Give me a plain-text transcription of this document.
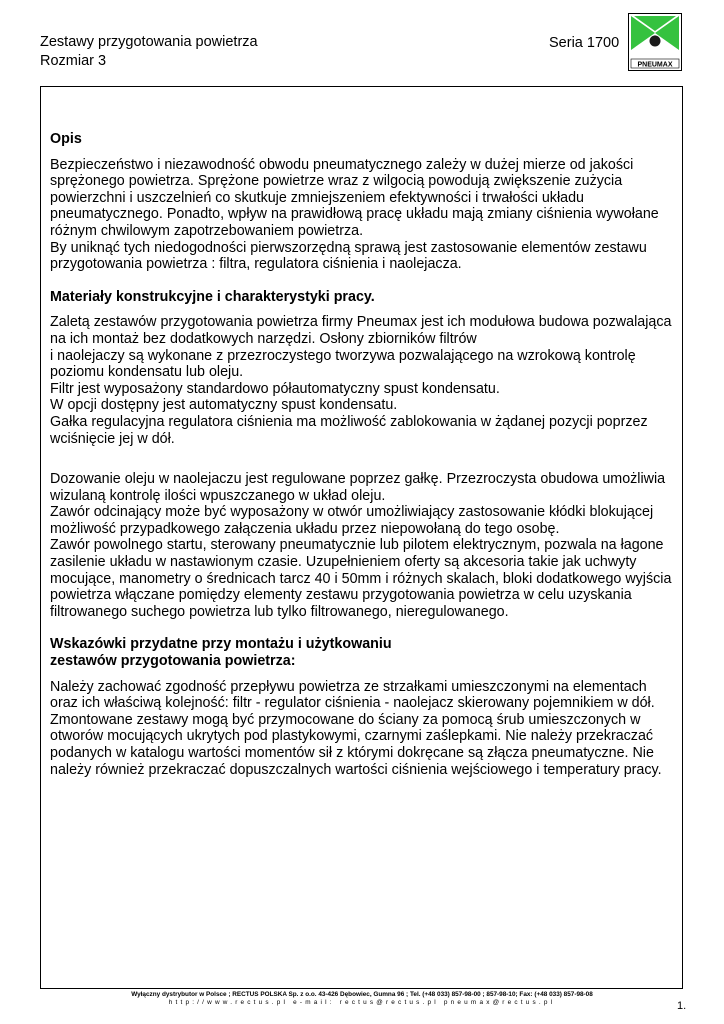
Zestawy przygotowania powietrza
Rozmiar 3
Seria 1700
PNEUMAX

Opis

Bezpieczeństwo i niezawodność obwodu pneumatycznego zależy w dużej mierze od jakości sprężonego powietrza. Sprężone powietrze wraz z wilgocią powodują zwiększenie zużycia powierzchni i uszczelnień co skutkuje zmniejszeniem efektywności i trwałości układu pneumatycznego. Ponadto, wpływ na prawidłową pracę układu mają zmiany ciśnienia wywołane różnym chwilowym zapotrzebowaniem powietrza.

By uniknąć tych niedogodności pierwszorzędną sprawą jest zastosowanie elementów zestawu przygotowania powietrza : filtra, regulatora ciśnienia i naolejacza.

Materiały konstrukcyjne i charakterystyki pracy.

Zaletą zestawów przygotowania powietrza firmy Pneumax jest ich modułowa budowa pozwalająca na ich montaż bez dodatkowych narzędzi. Osłony zbiorników filtrów

i naolejaczy są wykonane z przezroczystego tworzywa pozwalającego na wzrokową kontrolę poziomu kondensatu lub oleju.

Filtr jest wyposażony standardowo półautomatyczny spust kondensatu.

W opcji dostępny jest automatyczny spust kondensatu.

Gałka regulacyjna regulatora ciśnienia ma możliwość zablokowania w żądanej pozycji poprzez wciśnięcie jej w dół.

Dozowanie oleju w naolejaczu jest regulowane poprzez gałkę. Przezroczysta obudowa umożliwia wizulaną kontrolę ilości wpuszczanego w układ oleju.

Zawór odcinający może być wyposażony w otwór umożliwiający zastosowanie kłódki blokującej możliwość przypadkowego załączenia układu przez niepowołaną do tego osobę.

Zawór powolnego startu, sterowany pneumatycznie lub pilotem elektrycznym, pozwala na łagone zasilenie układu w nastawionym czasie. Uzupełnieniem oferty są akcesoria takie jak uchwyty mocujące, manometry o średnicach tarcz 40 i 50mm i różnych skalach, bloki dodatkowego wyjścia powietrza włączane pomiędzy elementy zestawu przygotowania powietrza w celu uzyskania filtrowanego suchego powietrza lub tylko filtrowanego, nieregulowanego.

Wskazówki przydatne przy montażu i użytkowaniu

zestawów przygotowania powietrza:

Należy zachować zgodność przepływu powietrza ze strzałkami umieszczonymi na elementach oraz ich właściwą kolejność: filtr - regulator ciśnienia - naolejacz skierowany pojemnikiem w dół. Zmontowane zestawy mogą być przymocowane do ściany za pomocą śrub umieszczonych w otworów mocujących ukrytych pod plastykowymi, czarnymi zaślepkami. Nie należy przekraczać podanych w katalogu wartości momentów sił z którymi dokręcane są złącza pneumatyczne. Nie należy również przekraczać dopuszczalnych wartości ciśnienia wejściowego i temperatury pracy.

Wyłączny dystrybutor w Polsce ; RECTUS POLSKA Sp. z o.o. 43-426 Dębowiec, Gumna 96 ; Tel. (+48 033) 857-98-00 ; 857-98-10; Fax: (+48 033) 857-98-08
http://www.rectus.pl e-mail: rectus@rectus.pl pneumax@rectus.pl	1.
